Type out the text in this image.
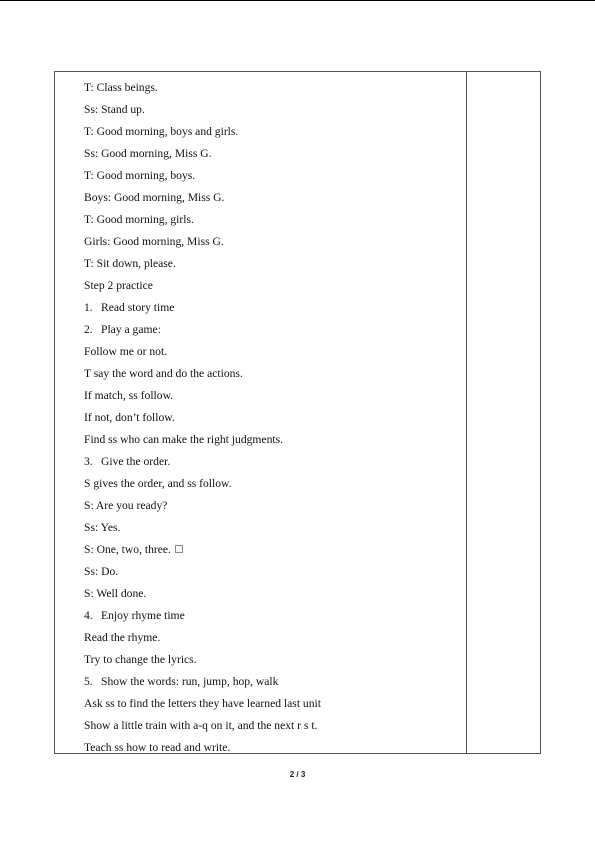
T: Class beings.
Ss: Stand up.
T: Good morning, boys and girls.
Ss: Good morning, Miss G.
T: Good morning, boys.
Boys: Good morning, Miss G.
T: Good morning, girls.
Girls: Good morning, Miss G.
T: Sit down, please.
Step 2 practice
1. Read story time
2. Play a game:
Follow me or not.
T say the word and do the actions.
If match, ss follow.
If not, don’t follow.
Find ss who can make the right judgments.
3. Give the order.
S gives the order, and ss follow.
S: Are you ready?
Ss: Yes.
S: One, two, three.
Ss: Do.
S: Well done.
4. Enjoy rhyme time
Read the rhyme.
Try to change the lyrics.
5. Show the words: run, jump, hop, walk
Ask ss to find the letters they have learned last unit
Show a little train with a-q on it, and the next r s t.
Teach ss how to read and write.
2 / 3
